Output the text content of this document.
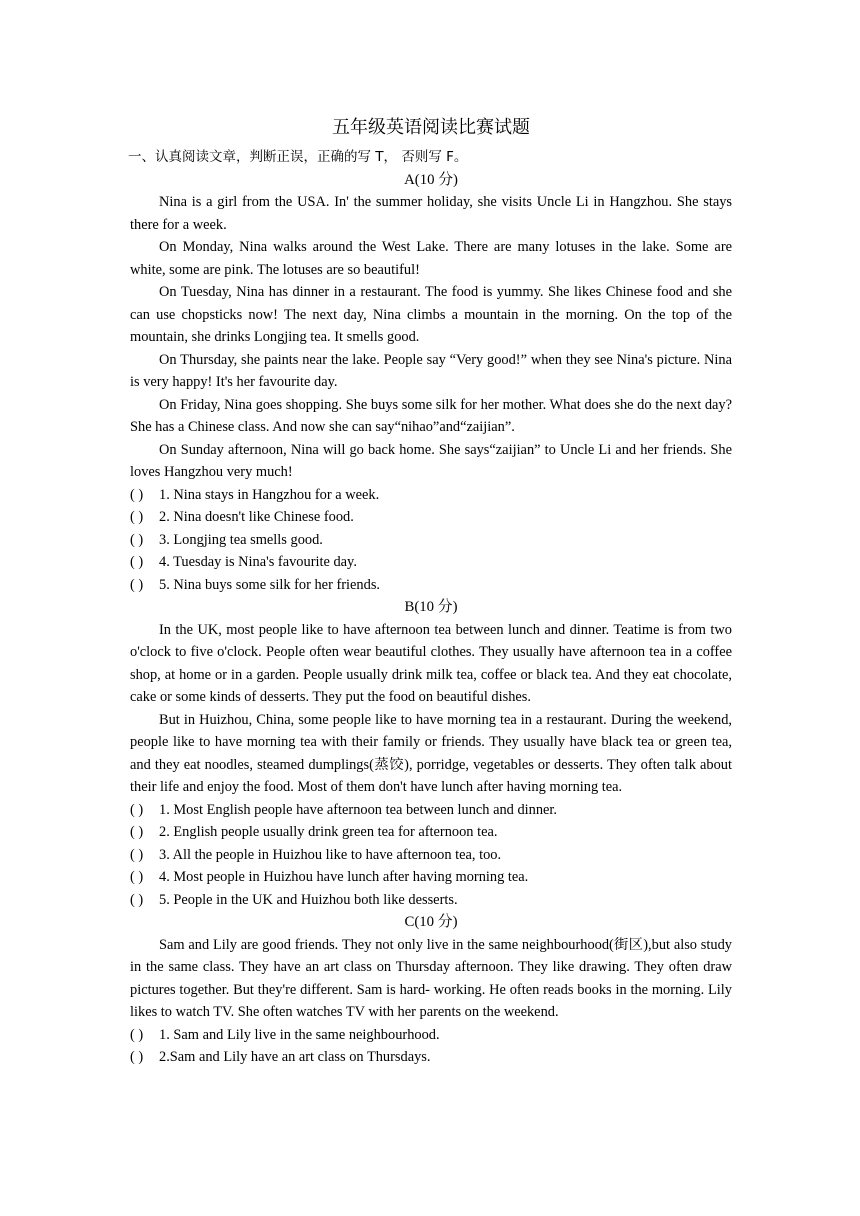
五年级英语阅读比赛试题

一、认真阅读文章，判断正误，正确的写 T， 否则写 F。

A(10 分)

Nina is a girl from the USA. In' the summer holiday, she visits Uncle Li in Hangzhou. She stays there for a week.

On Monday, Nina walks around the West Lake. There are many lotuses in the lake. Some are white, some are pink. The lotuses are so beautiful!

On Tuesday, Nina has dinner in a restaurant. The food is yummy. She likes Chinese food and she can use chopsticks now! The next day, Nina climbs a mountain in the morning. On the top of the mountain, she drinks Longjing tea. It smells good.

On Thursday, she paints near the lake. People say “Very good!” when they see Nina's picture. Nina is very happy! It's her favourite day.

On Friday, Nina goes shopping. She buys some silk for her mother. What does she do the next day? She has a Chinese class. And now she can say“nihao”and“zaijian”.

On Sunday afternoon, Nina will go back home. She says“zaijian” to Uncle Li and her friends. She loves Hangzhou very much!

( ) 1. Nina stays in Hangzhou for a week.

( ) 2. Nina doesn't like Chinese food.

( ) 3. Longjing tea smells good.

( ) 4. Tuesday is Nina's favourite day.

( ) 5. Nina buys some silk for her friends.

B(10 分)

In the UK, most people like to have afternoon tea between lunch and dinner. Teatime is from two o'clock to five o'clock. People often wear beautiful clothes. They usually have afternoon tea in a coffee shop, at home or in a garden. People usually drink milk tea, coffee or black tea. And they eat chocolate, cake or some kinds of desserts. They put the food on beautiful dishes.

But in Huizhou, China, some people like to have morning tea in a restaurant. During the weekend, people like to have morning tea with their family or friends. They usually have black tea or green tea, and they eat noodles, steamed dumplings(蒸饺), porridge, vegetables or desserts. They often talk about their life and enjoy the food. Most of them don't have lunch after having morning tea.

( ) 1. Most English people have afternoon tea between lunch and dinner.

( ) 2. English people usually drink green tea for afternoon tea.

( ) 3. All the people in Huizhou like to have afternoon tea, too.

( ) 4. Most people in Huizhou have lunch after having morning tea.

( ) 5. People in the UK and Huizhou both like desserts.

C(10 分)

Sam and Lily are good friends. They not only live in the same neighbourhood(街区),but also study in the same class. They have an art class on Thursday afternoon. They like drawing. They often draw pictures together. But they're different. Sam is hard- working. He often reads books in the morning. Lily likes to watch TV. She often watches TV with her parents on the weekend.

( ) 1. Sam and Lily live in the same neighbourhood.

( ) 2.Sam and Lily have an art class on Thursdays.
